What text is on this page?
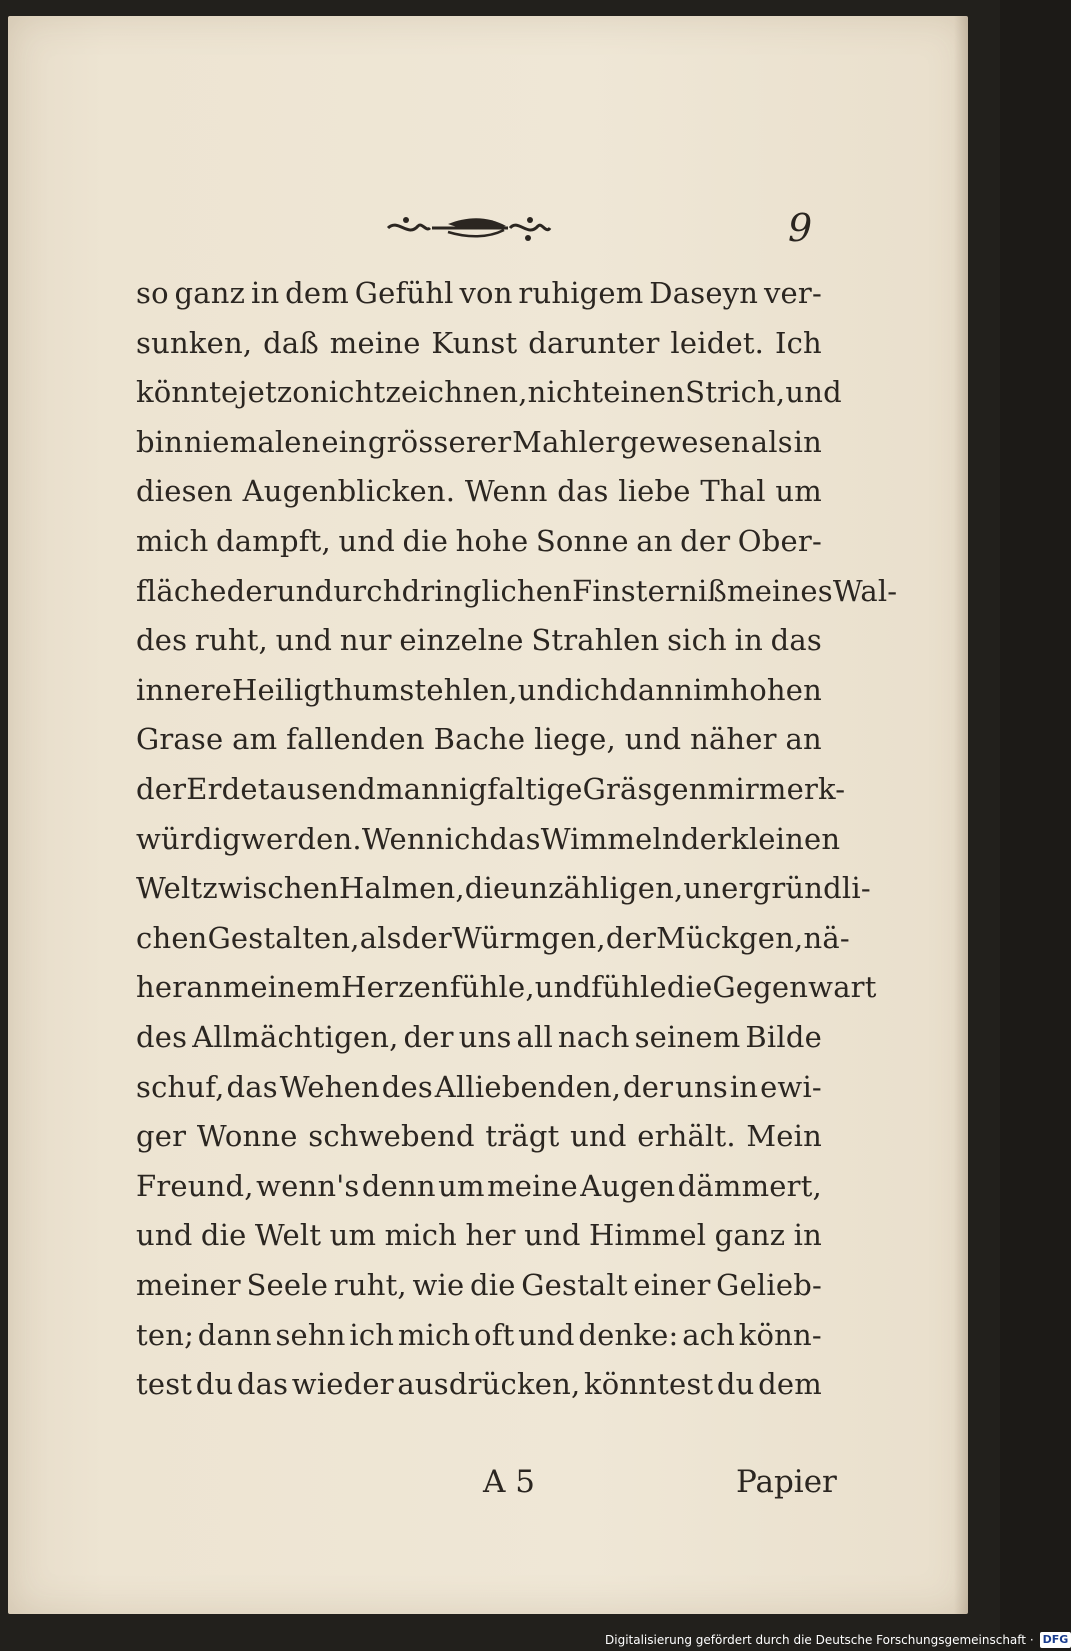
9
so ganz in dem Gefühl von ruhigem Daseyn ver-
sunken, daß meine Kunst darunter leidet. Ich
könnte jetzo nicht zeichnen, nicht einen Strich, und
bin niemalen ein grösserer Mahler gewesen als in
diesen Augenblicken. Wenn das liebe Thal um
mich dampft, und die hohe Sonne an der Ober-
fläche der undurchdringlichen Finsterniß meines Wal-
des ruht, und nur einzelne Strahlen sich in das
innere Heiligthum stehlen, und ich dann im hohen
Grase am fallenden Bache liege, und näher an
der Erde tausend mannigfaltige Gräsgen mir merk-
würdig werden. Wenn ich das Wimmeln der kleinen
Welt zwischen Halmen, die unzähligen, unergründli-
chen Gestalten, als der Würmgen, der Mückgen, nä-
her an meinem Herzen fühle, und fühle die Gegenwart
des Allmächtigen, der uns all nach seinem Bilde
schuf, das Wehen des Alliebenden, der uns in ewi-
ger Wonne schwebend trägt und erhält. Mein
Freund, wenn's denn um meine Augen dämmert,
und die Welt um mich her und Himmel ganz in
meiner Seele ruht, wie die Gestalt einer Gelieb-
ten; dann sehn ich mich oft und denke: ach könn-
test du das wieder ausdrücken, könntest du dem
A 5	Papier
Digitalisierung gefördert durch die Deutsche Forschungsgemeinschaft · DFG
